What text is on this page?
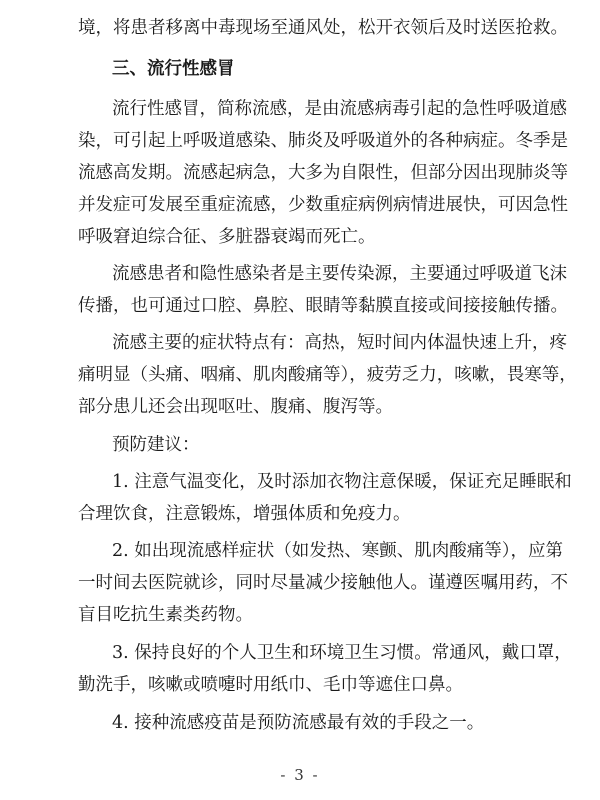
境，将患者移离中毒现场至通风处，松开衣领后及时送医抢救。
三、流行性感冒
流行性感冒，简称流感，是由流感病毒引起的急性呼吸道感
染，可引起上呼吸道感染、肺炎及呼吸道外的各种病症。冬季是
流感高发期。流感起病急，大多为自限性，但部分因出现肺炎等
并发症可发展至重症流感，少数重症病例病情进展快，可因急性
呼吸窘迫综合征、多脏器衰竭而死亡。
流感患者和隐性感染者是主要传染源，主要通过呼吸道飞沫
传播，也可通过口腔、鼻腔、眼睛等黏膜直接或间接接触传播。
流感主要的症状特点有：高热，短时间内体温快速上升，疼
痛明显（头痛、咽痛、肌肉酸痛等），疲劳乏力，咳嗽，畏寒等，
部分患儿还会出现呕吐、腹痛、腹泻等。
预防建议：
1. 注意气温变化，及时添加衣物注意保暖，保证充足睡眠和
合理饮食，注意锻炼，增强体质和免疫力。
2. 如出现流感样症状（如发热、寒颤、肌肉酸痛等），应第
一时间去医院就诊，同时尽量减少接触他人。谨遵医嘱用药，不
盲目吃抗生素类药物。
3. 保持良好的个人卫生和环境卫生习惯。常通风，戴口罩，
勤洗手，咳嗽或喷嚏时用纸巾、毛巾等遮住口鼻。
4. 接种流感疫苗是预防流感最有效的手段之一。
- 3 -
